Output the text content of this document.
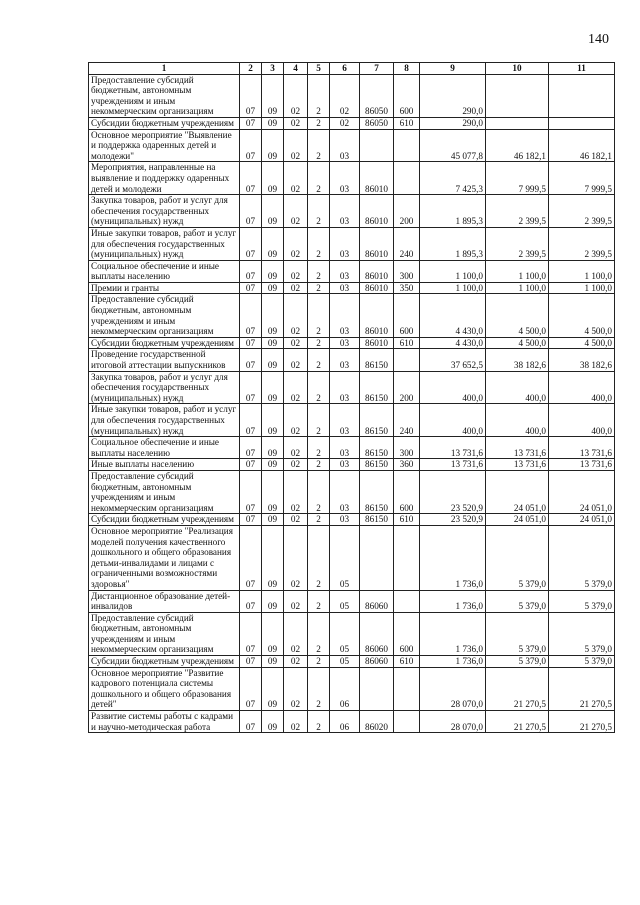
140
1	2	3	4	5	6	7	8	9	10	11
Предоставление субсидий бюджетным, автономным учреждениям и иным некоммерческим организациям	07	09	02	2	02	86050	600	290,0		
Субсидии бюджетным учреждениям	07	09	02	2	02	86050	610	290,0		
Основное мероприятие "Выявление и поддержка одаренных детей и молодежи"	07	09	02	2	03			45 077,8	46 182,1	46 182,1
Мероприятия, направленные на выявление и поддержку одаренных детей и молодежи	07	09	02	2	03	86010		7 425,3	7 999,5	7 999,5
Закупка товаров, работ и услуг для обеспечения государственных (муниципальных) нужд	07	09	02	2	03	86010	200	1 895,3	2 399,5	2 399,5
Иные закупки товаров, работ и услуг для обеспечения государственных (муниципальных) нужд	07	09	02	2	03	86010	240	1 895,3	2 399,5	2 399,5
Социальное обеспечение и иные выплаты населению	07	09	02	2	03	86010	300	1 100,0	1 100,0	1 100,0
Премии и гранты	07	09	02	2	03	86010	350	1 100,0	1 100,0	1 100,0
Предоставление субсидий бюджетным, автономным учреждениям и иным некоммерческим организациям	07	09	02	2	03	86010	600	4 430,0	4 500,0	4 500,0
Субсидии бюджетным учреждениям	07	09	02	2	03	86010	610	4 430,0	4 500,0	4 500,0
Проведение государственной итоговой аттестации выпускников	07	09	02	2	03	86150		37 652,5	38 182,6	38 182,6
Закупка товаров, работ и услуг для обеспечения государственных (муниципальных) нужд	07	09	02	2	03	86150	200	400,0	400,0	400,0
Иные закупки товаров, работ и услуг для обеспечения государственных (муниципальных) нужд	07	09	02	2	03	86150	240	400,0	400,0	400,0
Социальное обеспечение и иные выплаты населению	07	09	02	2	03	86150	300	13 731,6	13 731,6	13 731,6
Иные выплаты населению	07	09	02	2	03	86150	360	13 731,6	13 731,6	13 731,6
Предоставление субсидий бюджетным, автономным учреждениям и иным некоммерческим организациям	07	09	02	2	03	86150	600	23 520,9	24 051,0	24 051,0
Субсидии бюджетным учреждениям	07	09	02	2	03	86150	610	23 520,9	24 051,0	24 051,0
Основное мероприятие "Реализация моделей получения качественного дошкольного и общего образования детьми-инвалидами и лицами с ограниченными возможностями здоровья"	07	09	02	2	05			1 736,0	5 379,0	5 379,0
Дистанционное образование детей-инвалидов	07	09	02	2	05	86060		1 736,0	5 379,0	5 379,0
Предоставление субсидий бюджетным, автономным учреждениям и иным некоммерческим организациям	07	09	02	2	05	86060	600	1 736,0	5 379,0	5 379,0
Субсидии бюджетным учреждениям	07	09	02	2	05	86060	610	1 736,0	5 379,0	5 379,0
Основное мероприятие "Развитие кадрового потенциала системы дошкольного и общего образования детей"	07	09	02	2	06			28 070,0	21 270,5	21 270,5
Развитие системы работы с кадрами и научно-методическая работа	07	09	02	2	06	86020		28 070,0	21 270,5	21 270,5
